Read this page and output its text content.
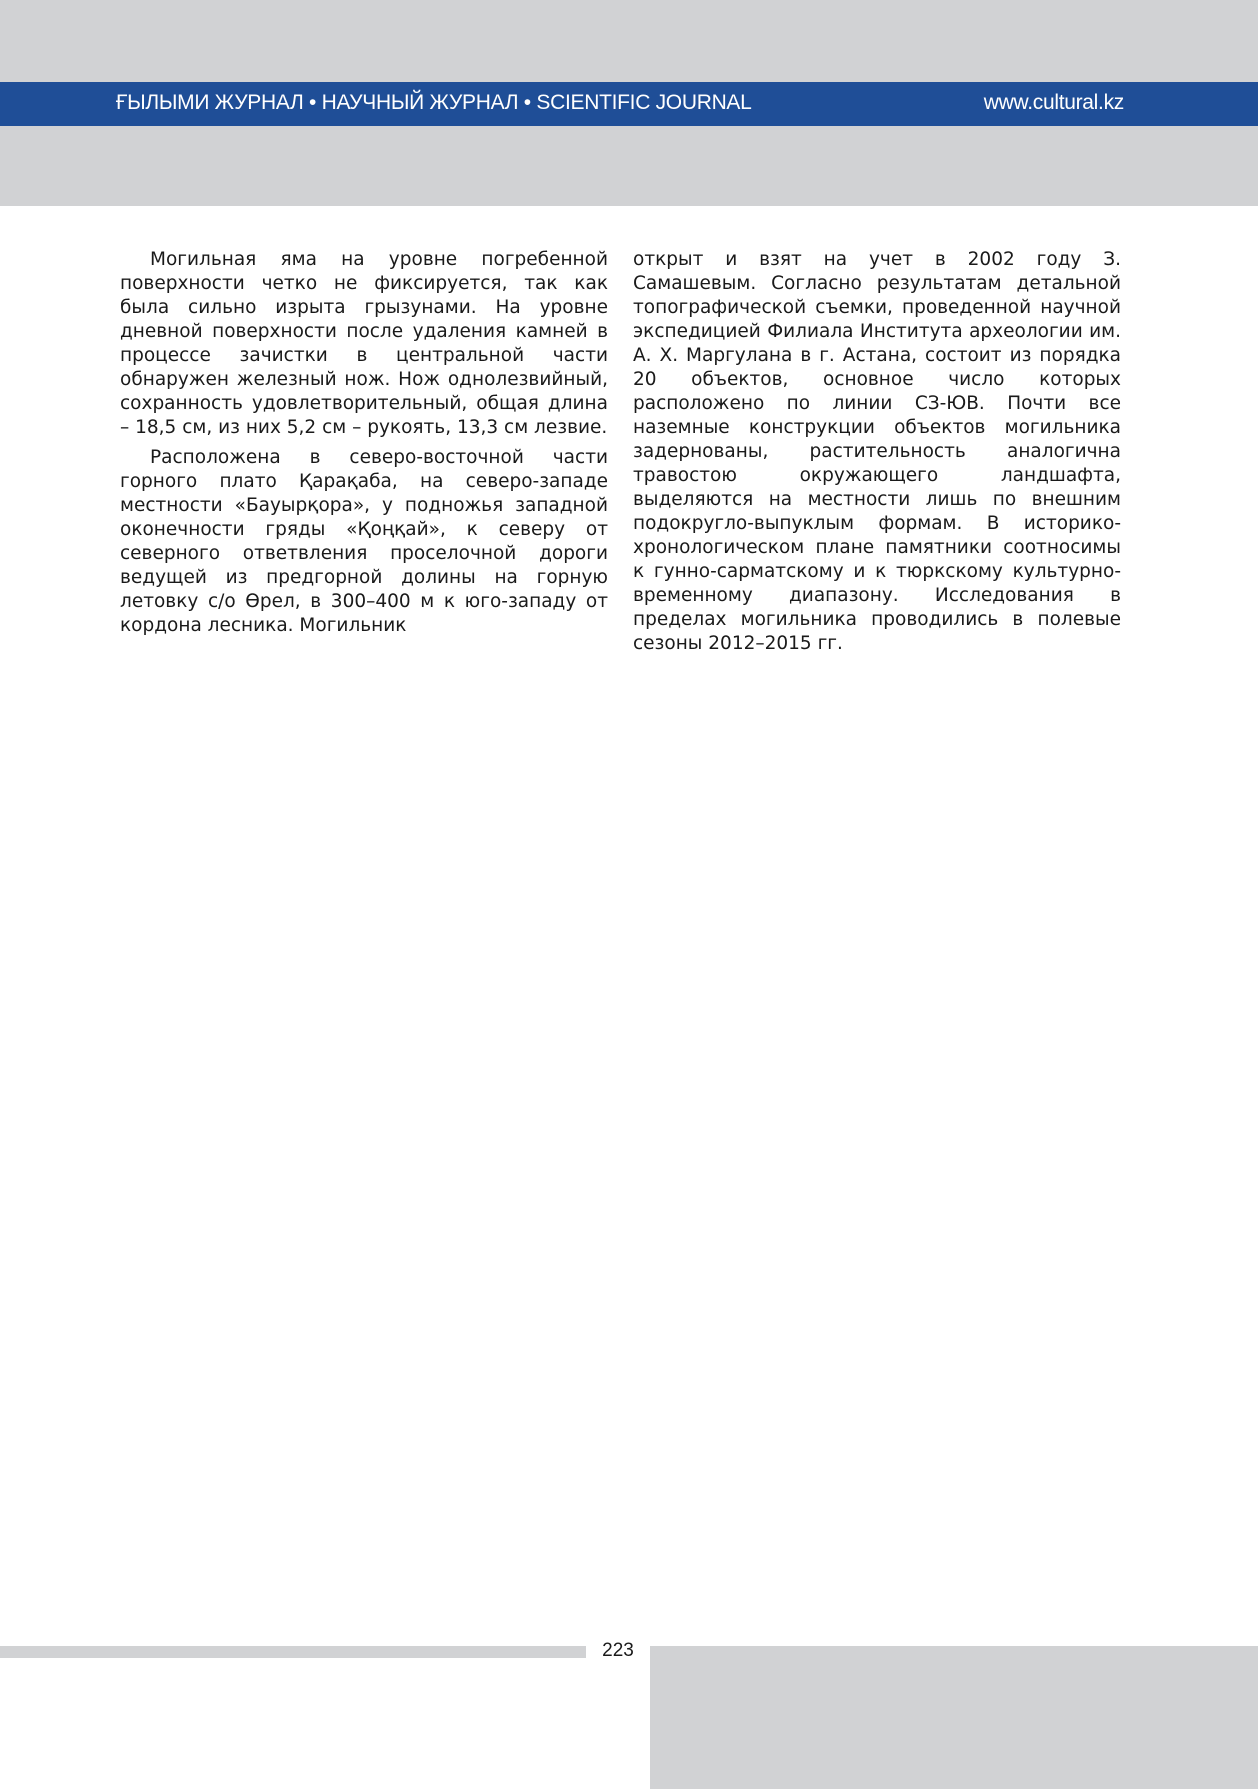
ҒЫЛЫМИ ЖУРНАЛ • НАУЧНЫЙ ЖУРНАЛ • SCIENTIFIC JOURNAL	www.cultural.kz

Могильная яма на уровне погребенной поверхности четко не фиксируется, так как была сильно изрыта грызунами. На уровне дневной поверхности после удаления камней в процессе зачистки в центральной части обнаружен железный нож. Нож однолезвийный, сохранность удовлетворительный, общая длина – 18,5 см, из них 5,2 см – рукоять, 13,3 см лезвие.

Расположена в северо-восточной части горного плато Қарақаба, на северо-западе местности «Бауырқора», у подножья западной оконечности гряды «Қоңқай», к северу от северного ответвления проселочной дороги ведущей из предгорной долины на горную летовку с/о Өрел, в 300–400 м к юго-западу от кордона лесника. Могильник

открыт и взят на учет в 2002 году З. Самашевым. Согласно результатам детальной топографической съемки, проведенной научной экспедицией Филиала Института археологии им. А. Х. Маргулана в г. Астана, состоит из порядка 20 объектов, основное число которых расположено по линии СЗ-ЮВ. Почти все наземные конструкции объектов могильника задернованы, растительность аналогична травостою окружающего ландшафта, выделяются на местности лишь по внешним подокругло-выпуклым формам. В историко-хронологическом плане памятники соотносимы к гунно-сарматскому и к тюркскому культурно-временному диапазону. Исследования в пределах могильника проводились в полевые сезоны 2012–2015 гг.

223
